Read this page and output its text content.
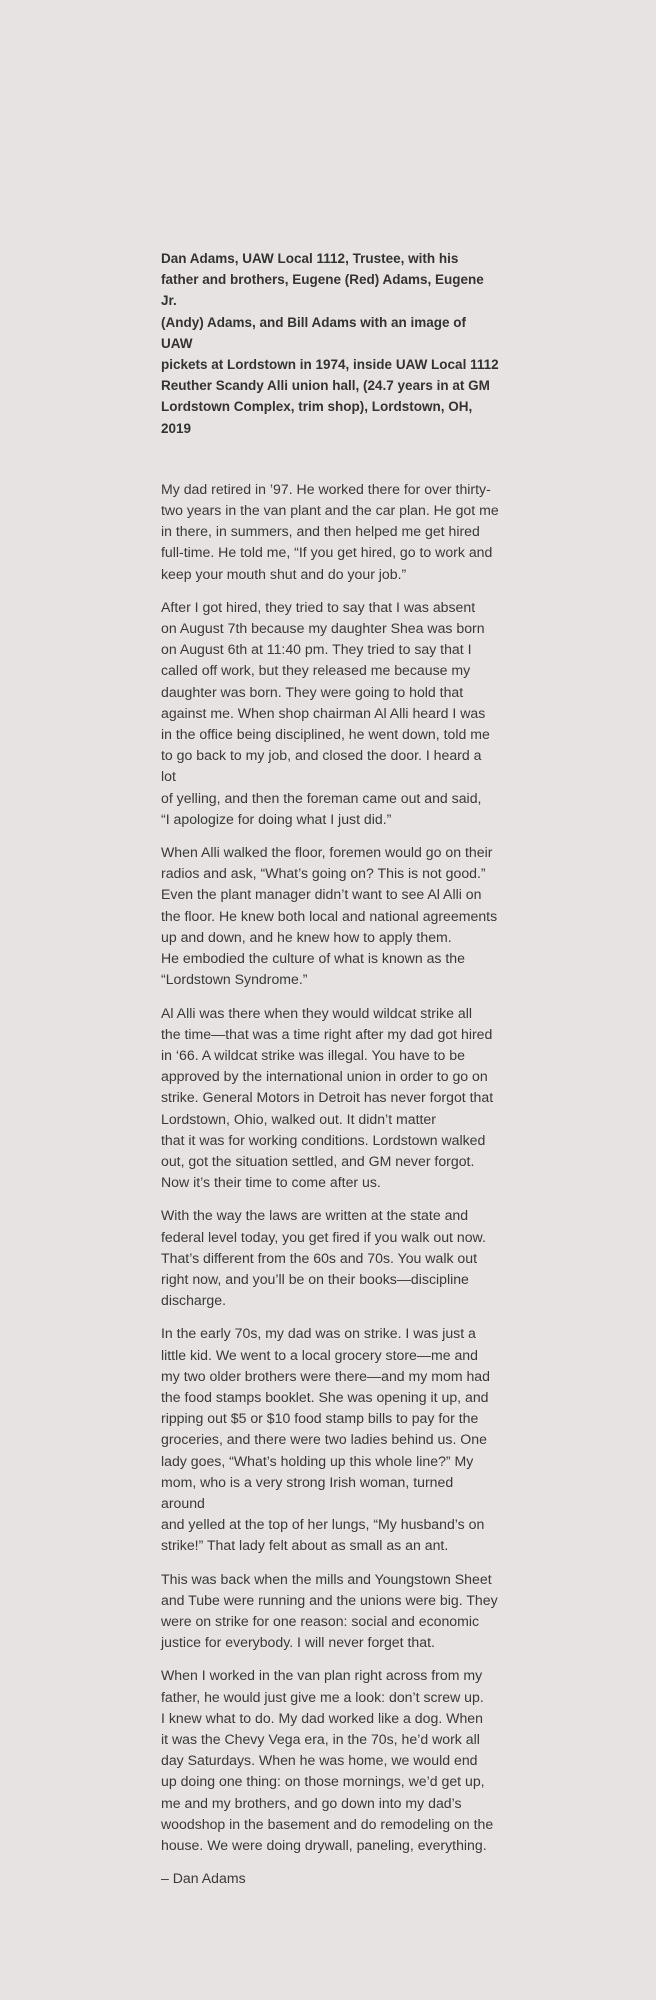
Dan Adams, UAW Local 1112, Trustee, with his
father and brothers, Eugene (Red) Adams, Eugene Jr.
(Andy) Adams, and Bill Adams with an image of UAW
pickets at Lordstown in 1974, inside UAW Local 1112
Reuther Scandy Alli union hall, (24.7 years in at GM
Lordstown Complex, trim shop), Lordstown, OH, 2019

My dad retired in ’97. He worked there for over thirty-
two years in the van plant and the car plan. He got me
in there, in summers, and then helped me get hired
full-time. He told me, “If you get hired, go to work and
keep your mouth shut and do your job.”

After I got hired, they tried to say that I was absent
on August 7th because my daughter Shea was born
on August 6th at 11:40 pm. They tried to say that I
called off work, but they released me because my
daughter was born. They were going to hold that
against me. When shop chairman Al Alli heard I was
in the office being disciplined, he went down, told me
to go back to my job, and closed the door. I heard a lot
of yelling, and then the foreman came out and said,
“I apologize for doing what I just did.”

When Alli walked the floor, foremen would go on their
radios and ask, “What’s going on? This is not good.”
Even the plant manager didn’t want to see Al Alli on
the floor. He knew both local and national agreements
up and down, and he knew how to apply them.
He embodied the culture of what is known as the
“Lordstown Syndrome.”

Al Alli was there when they would wildcat strike all
the time—that was a time right after my dad got hired
in ‘66. A wildcat strike was illegal. You have to be
approved by the international union in order to go on
strike. General Motors in Detroit has never forgot that
Lordstown, Ohio, walked out. It didn’t matter
that it was for working conditions. Lordstown walked
out, got the situation settled, and GM never forgot.
Now it’s their time to come after us.

With the way the laws are written at the state and
federal level today, you get fired if you walk out now.
That’s different from the 60s and 70s. You walk out
right now, and you’ll be on their books—discipline
discharge.

In the early 70s, my dad was on strike. I was just a
little kid. We went to a local grocery store—me and
my two older brothers were there—and my mom had
the food stamps booklet. She was opening it up, and
ripping out $5 or $10 food stamp bills to pay for the
groceries, and there were two ladies behind us. One
lady goes, “What’s holding up this whole line?” My
mom, who is a very strong Irish woman, turned around
and yelled at the top of her lungs, “My husband’s on
strike!” That lady felt about as small as an ant.

This was back when the mills and Youngstown Sheet
and Tube were running and the unions were big. They
were on strike for one reason: social and economic
justice for everybody. I will never forget that.

When I worked in the van plan right across from my
father, he would just give me a look: don’t screw up.
I knew what to do. My dad worked like a dog. When
it was the Chevy Vega era, in the 70s, he’d work all
day Saturdays. When he was home, we would end
up doing one thing: on those mornings, we’d get up,
me and my brothers, and go down into my dad’s
woodshop in the basement and do remodeling on the
house. We were doing drywall, paneling, everything.

– Dan Adams
